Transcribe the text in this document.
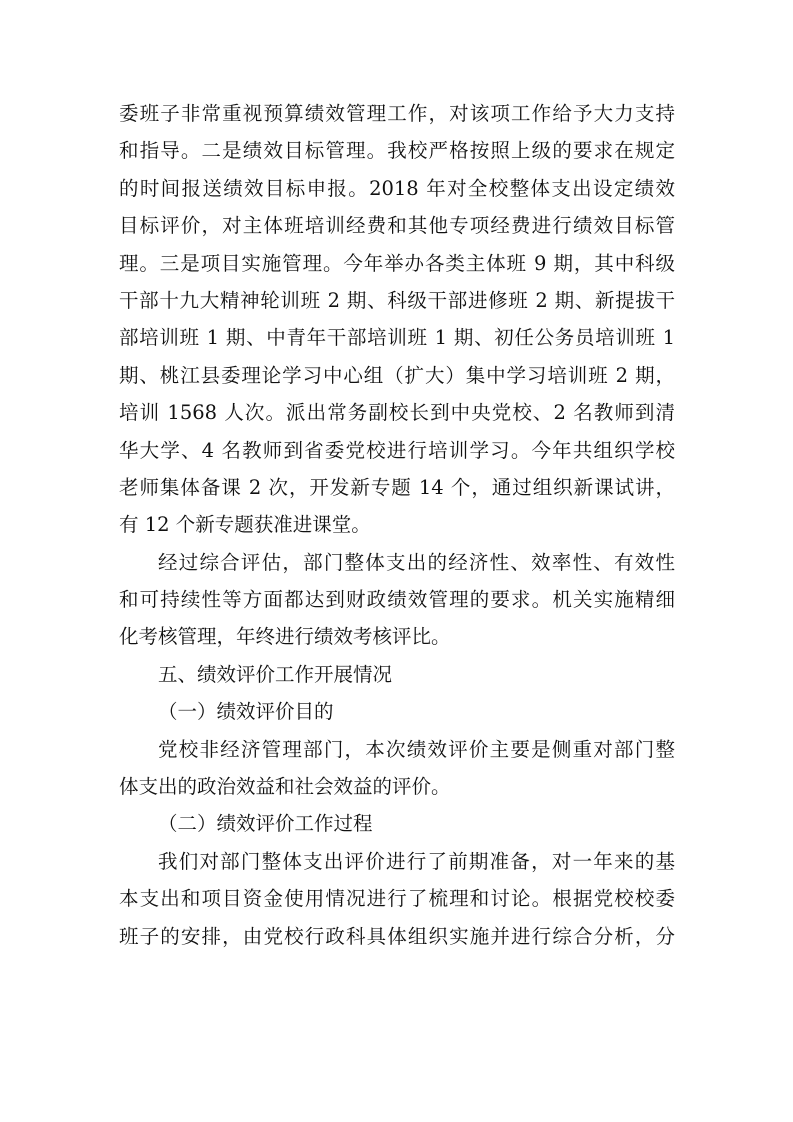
委班子非常重视预算绩效管理工作，对该项工作给予大力支持
和指导。二是绩效目标管理。我校严格按照上级的要求在规定
的时间报送绩效目标申报。2018 年对全校整体支出设定绩效
目标评价，对主体班培训经费和其他专项经费进行绩效目标管
理。三是项目实施管理。今年举办各类主体班 9 期，其中科级
干部十九大精神轮训班 2 期、科级干部进修班 2 期、新提拔干
部培训班 1 期、中青年干部培训班 1 期、初任公务员培训班 1
期、桃江县委理论学习中心组（扩大）集中学习培训班 2 期，
培训 1568 人次。派出常务副校长到中央党校、2 名教师到清
华大学、4 名教师到省委党校进行培训学习。今年共组织学校
老师集体备课 2 次，开发新专题 14 个，通过组织新课试讲，
有 12 个新专题获准进课堂。
经过综合评估，部门整体支出的经济性、效率性、有效性
和可持续性等方面都达到财政绩效管理的要求。机关实施精细
化考核管理，年终进行绩效考核评比。
五、绩效评价工作开展情况
（一）绩效评价目的
党校非经济管理部门，本次绩效评价主要是侧重对部门整
体支出的政治效益和社会效益的评价。
（二）绩效评价工作过程
我们对部门整体支出评价进行了前期准备，对一年来的基
本支出和项目资金使用情况进行了梳理和讨论。根据党校校委
班子的安排，由党校行政科具体组织实施并进行综合分析，分
